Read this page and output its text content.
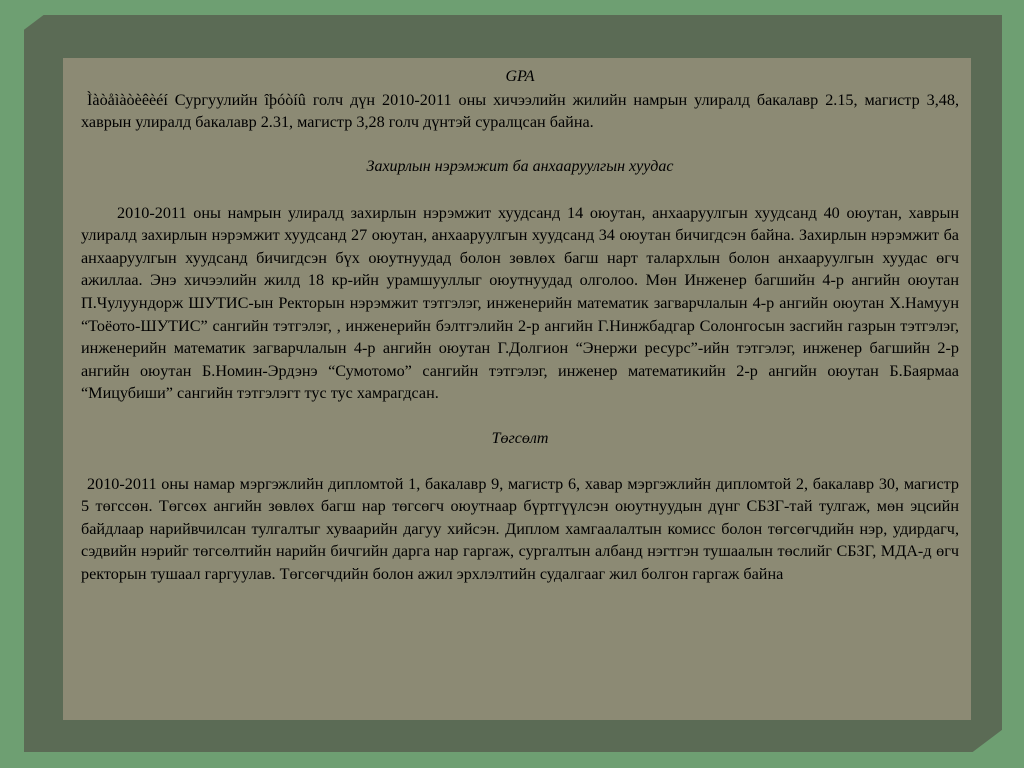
GPA

Ìàòåìàòèêèéí Сургуулийн îþóòíû голч дүн 2010-2011 оны хичээлийн жилийн намрын улиралд бакалавр 2.15, магистр 3,48, хаврын улиралд бакалавр 2.31, магистр 3,28 голч дүнтэй суралцсан байна.

Захирлын нэрэмжит ба анхааруулгын хуудас

2010-2011 оны намрын улиралд захирлын нэрэмжит хуудсанд 14 оюутан, анхааруулгын хуудсанд 40 оюутан, хаврын улиралд захирлын нэрэмжит хуудсанд 27 оюутан, анхааруулгын хуудсанд 34 оюутан бичигдсэн байна. Захирлын нэрэмжит ба анхааруулгын хуудсанд бичигдсэн бүх оюутнуудад болон зөвлөх багш нарт талархлын болон анхааруулгын хуудас өгч ажиллаа. Энэ хичээлийн жилд 18 кр-ийн урамшууллыг оюутнуудад олголоо. Мөн Инженер багшийн 4-р ангийн оюутан П.Чулуундорж ШУТИС-ын Ректорын нэрэмжит тэтгэлэг, инженерийн математик загварчлалын 4-р ангийн оюутан Х.Намуун “Тоёото-ШУТИС” сангийн тэтгэлэг, , инженерийн бэлтгэлийн 2-р ангийн Г.Нинжбадгар Солонгосын засгийн газрын тэтгэлэг, инженерийн математик загварчлалын 4-р ангийн оюутан Г.Долгион “Энержи ресурс”-ийн тэтгэлэг, инженер багшийн 2-р ангийн оюутан Б.Номин-Эрдэнэ “Сумотомо” сангийн тэтгэлэг, инженер математикийн 2-р ангийн оюутан Б.Баярмаа “Мицубиши” сангийн тэтгэлэгт тус тус хамрагдсан.

Төгсөлт

2010-2011 оны намар мэргэжлийн дипломтой 1, бакалавр 9, магистр 6, хавар мэргэжлийн дипломтой 2, бакалавр 30, магистр 5 төгссөн. Төгсөх ангийн зөвлөх багш нар төгсөгч оюутнаар бүртгүүлсэн оюутнуудын дүнг СБЗГ-тай тулгаж, мөн эцсийн байдлаар нарийвчилсан тулгалтыг хуваарийн дагуу хийсэн. Диплом хамгаалалтын комисс болон төгсөгчдийн нэр, удирдагч, сэдвийн нэрийг төгсөлтийн нарийн бичгийн дарга нар гаргаж, сургалтын албанд нэгтгэн тушаалын төслийг СБЗГ, МДА-д өгч ректорын тушаал гаргуулав. Төгсөгчдийн болон ажил эрхлэлтийн судалгааг жил болгон гаргаж байна
